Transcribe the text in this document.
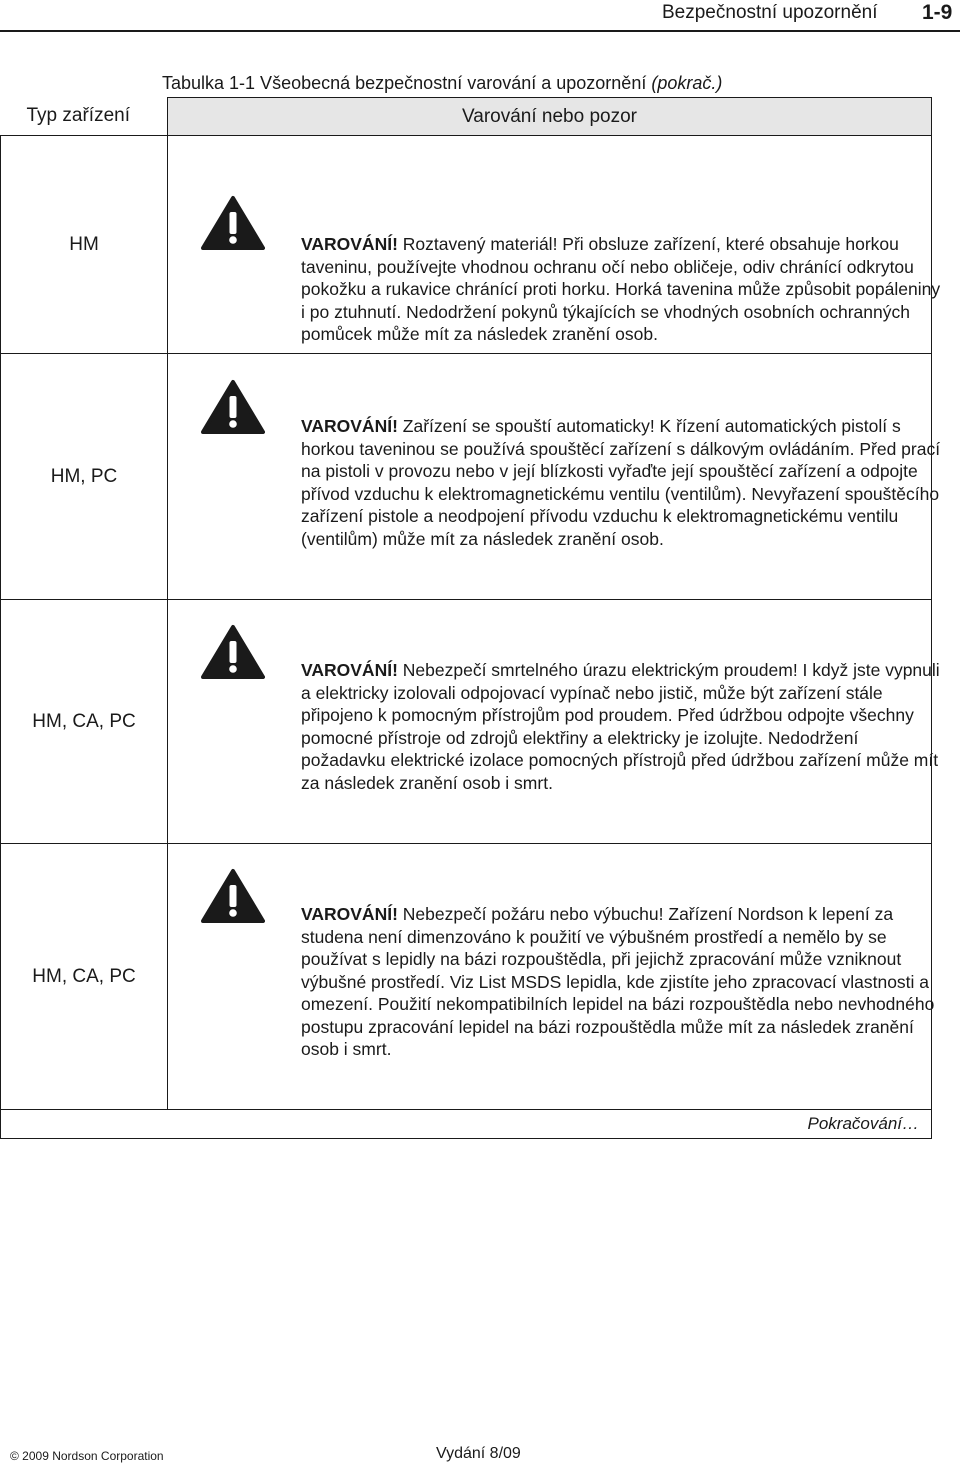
Bezpečnostní upozornění 1-9
Tabulka 1-1 Všeobecná bezpečnostní varování a upozornění (pokrač.)
Typ zařízení	Varování nebo pozor
HM	VAROVÁNÍ! Roztavený materiál! Při obsluze zařízení, které obsahuje horkou taveninu, používejte vhodnou ochranu očí nebo obličeje, odiv chránící odkrytou pokožku a rukavice chránící proti horku. Horká tavenina může způsobit popáleniny i po ztuhnutí. Nedodržení pokynů týkajících se vhodných osobních ochranných pomůcek může mít za následek zranění osob.

HM, PC	VAROVÁNÍ! Zařízení se spouští automaticky! K řízení automatických pistolí s horkou taveninou se používá spouštěcí zařízení s dálkovým ovládáním. Před prací na pistoli v provozu nebo v její blízkosti vyřaďte její spouštěcí zařízení a odpojte přívod vzduchu k elektromagnetickému ventilu (ventilům). Nevyřazení spouštěcího zařízení pistole a neodpojení přívodu vzduchu k elektromagnetickému ventilu (ventilům) může mít za následek zranění osob.

HM, CA, PC	VAROVÁNÍ! Nebezpečí smrtelného úrazu elektrickým proudem! I když jste vypnuli a elektricky izolovali odpojovací vypínač nebo jistič, může být zařízení stále připojeno k pomocným přístrojům pod proudem. Před údržbou odpojte všechny pomocné přístroje od zdrojů elektřiny a elektricky je izolujte. Nedodržení požadavku elektrické izolace pomocných přístrojů před údržbou zařízení může mít za následek zranění osob i smrt.

HM, CA, PC	VAROVÁNÍ! Nebezpečí požáru nebo výbuchu! Zařízení Nordson k lepení za studena není dimenzováno k použití ve výbušném prostředí a nemělo by se používat s lepidly na bázi rozpouštědla, při jejichž zpracování může vzniknout výbušné prostředí. Viz List MSDS lepidla, kde zjistíte jeho zpracovací vlastnosti a omezení. Použití nekompatibilních lepidel na bázi rozpouštědla nebo nevhodného postupu zpracování lepidel na bázi rozpouštědla může mít za následek zranění osob i smrt.

Pokračování…	
© 2009 Nordson Corporation	Vydání 8/09
